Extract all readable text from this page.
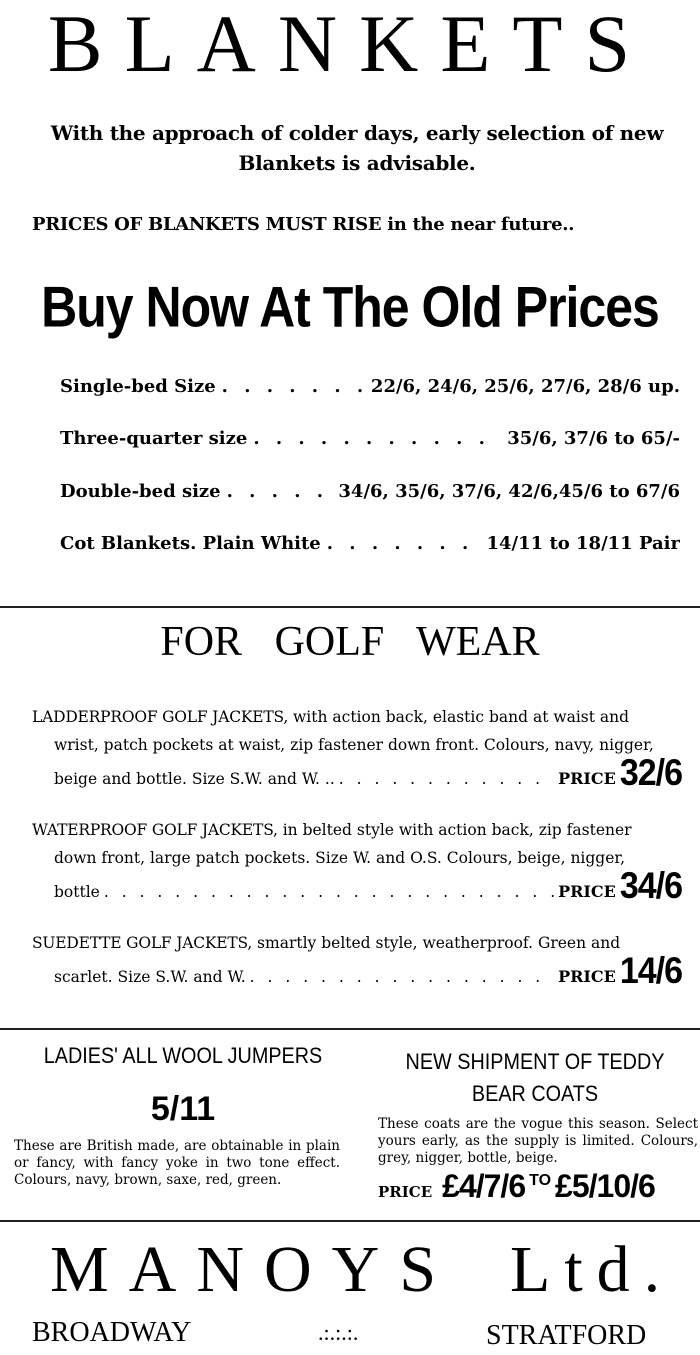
BLANKETS
With the approach of colder days, early selection of new Blankets is advisable.
PRICES OF BLANKETS MUST RISE in the near future..
Buy Now At The Old Prices
Single-bed Size . . .	22/6, 24/6, 25/6, 27/6, 28/6 up.
Three-quarter size . . .	35/6, 37/6 to 65/-
Double-bed size . . .	34/6, 35/6, 37/6, 42/6,45/6 to 67/6
Cot Blankets. Plain White . . .	14/11 to 18/11 Pair
FOR GOLF WEAR
LADDERPROOF GOLF JACKETS, with action back, elastic band at waist and
wrist, patch pockets at waist, zip fastener down front. Colours, navy, nigger,
beige and bottle. Size S.W. and W. .. . . .	PRICE 32/6
WATERPROOF GOLF JACKETS, in belted style with action back, zip fastener
down front, large patch pockets. Size W. and O.S. Colours, beige, nigger,
bottle . . .	PRICE 34/6
SUEDETTE GOLF JACKETS, smartly belted style, weatherproof. Green and
scarlet. Size S.W. and W. . . .	PRICE 14/6
LADIES' ALL WOOL JUMPERS
5/11
These are British made, are obtainable in plain or fancy, with fancy yoke in two tone effect. Colours, navy, brown, saxe, red, green.
NEW SHIPMENT OF TEDDY BEAR COATS
These coats are the vogue this season. Select yours early, as the supply is limited. Colours, grey, nigger, bottle, beige.
PRICE £4/7/6 TO £5/10/6
MANOYS Ltd.
BROADWAY	.:.:.:.	STRATFORD
